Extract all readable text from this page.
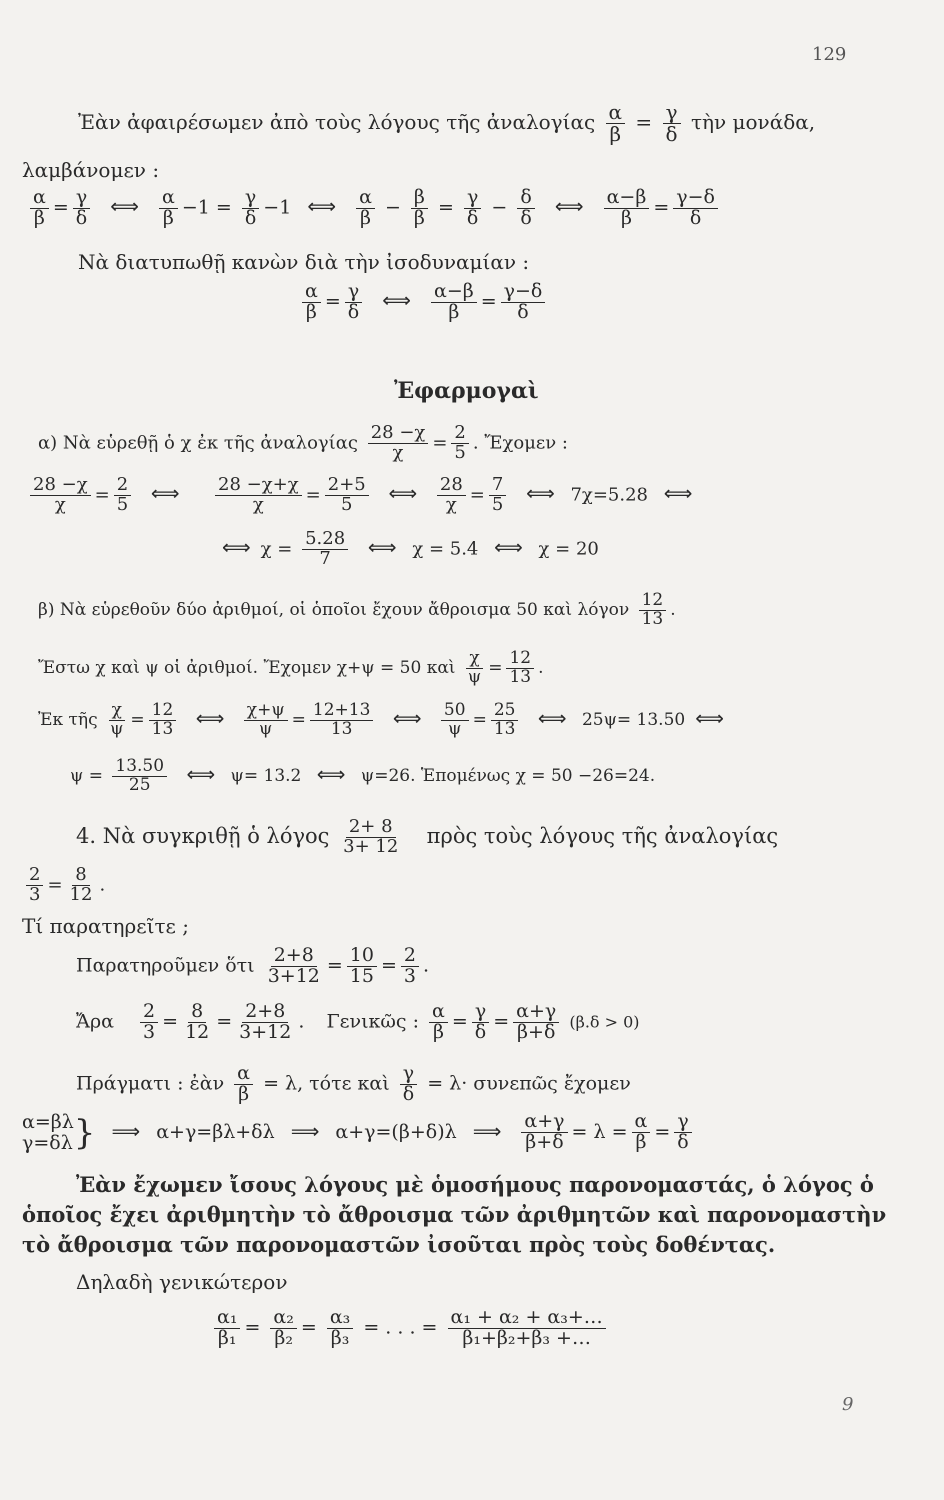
129
Ἐὰν ἀφαιρέσωμεν ἀπὸ τοὺς λόγους τῆς ἀναλογίας $\frac{\alpha}{\beta} = \frac{\gamma}{\delta}$ τὴν μονάδα,
λαμβάνομεν :
$\frac{\alpha}{\beta} = \frac{\gamma}{\delta}$ ⟺ $\frac{\alpha}{\beta} -1 = \frac{\gamma}{\delta} -1$ ⟺ $\frac{\alpha}{\beta} - \frac{\beta}{\beta} = \frac{\gamma}{\delta} - \frac{\delta}{\delta}$ ⟺ $\frac{\alpha-\beta}{\beta} = \frac{\gamma-\delta}{\delta}$
Νὰ διατυπωθῇ κανὼν διὰ τὴν ἰσοδυναμίαν :
$\frac{\alpha}{\beta} = \frac{\gamma}{\delta}$ ⟺ $\frac{\alpha-\beta}{\beta} = \frac{\gamma-\delta}{\delta}$
Ἐφαρμογαὶ
α) Νὰ εὑρεθῇ ὁ χ ἐκ τῆς ἀναλογίας $\frac{28 -\chi}{\chi} = \frac{2}{5}$ . Ἔχομεν :
$\frac{28 -\chi}{\chi} = \frac{2}{5}$ ⟺ $\frac{28 -\chi+\chi}{\chi} = \frac{2+5}{5}$ ⟺ $\frac{28}{\chi} = \frac{7}{5}$ ⟺ 7χ=5.28 ⟺
⟺ $\chi = \frac{5.28}{7}$ ⟺ χ = 5.4 ⟺ χ = 20
β) Νὰ εὑρεθοῦν δύο ἀριθμοί, οἱ ὁποῖοι ἔχουν ἄθροισμα 50 καὶ λόγον $\frac{12}{13}$ .
Ἔστω χ καὶ ψ οἱ ἀριθμοί. Ἔχομεν χ+ψ = 50 καὶ $\frac{\chi}{\psi} = \frac{12}{13}$ .
Ἐκ τῆς $\frac{\chi}{\psi} = \frac{12}{13}$ ⟺ $\frac{\chi+\psi}{\psi} = \frac{12+13}{13}$ ⟺ $\frac{50}{\psi} = \frac{25}{13}$ ⟺ 25ψ= 13.50 ⟺
$\psi = \frac{13.50}{25}$ ⟺ ψ= 13.2 ⟺ ψ=26. Ἑπομένως χ = 50 −26=24.
4. Νὰ συγκριθῇ ὁ λόγος $\frac{2+ 8}{3+ 12}$ πρὸς τοὺς λόγους τῆς ἀναλογίας
$\frac{2}{3} = \frac{8}{12}$ .
Τί παρατηρεῖτε ;
Παρατηροῦμεν ὅτι $\frac{2+8}{3+12} = \frac{10}{15} = \frac{2}{3}$ .
Ἄρα $\frac{2}{3} = \frac{8}{12} = \frac{2+8}{3+12}$ .  Γενικῶς : $\frac{\alpha}{\beta} = \frac{\gamma}{\delta} = \frac{\alpha+\gamma}{\beta+\delta} (\beta.\delta > 0)$
Πράγματι : ἐὰν $\frac{\alpha}{\beta} = \lambda$, τότε καὶ $\frac{\gamma}{\delta} = \lambda\cdot$ συνεπῶς ἔχομεν
α=βλ
γ=δλ } ⟹ α+γ=βλ+δλ ⟹ α+γ=(β+δ)λ ⟹ $\frac{\alpha+\gamma}{\beta+\delta} = \lambda = \frac{\alpha}{\beta} = \frac{\gamma}{\delta}$
Ἐὰν ἔχωμεν ἴσους λόγους μὲ ὁμοσήμους παρονομαστάς, ὁ λόγος ὁ
ὁποῖος ἔχει ἀριθμητὴν τὸ ἄθροισμα τῶν ἀριθμητῶν καὶ παρονομαστὴν
τὸ ἄθροισμα τῶν παρονομαστῶν ἰσοῦται πρὸς τοὺς δοθέντας.
Δηλαδὴ γενικώτερον
$\frac{\text{α₁}}{\text{β₁}} = \frac{\text{α₂}}{\text{β₂}} = \frac{\text{α₃}}{\text{β₃}}$ = . . . = $\frac{\text{α₁ + α₂ + α₃+…}}{\text{β₁+β₂+β₃ +…}}$
9
